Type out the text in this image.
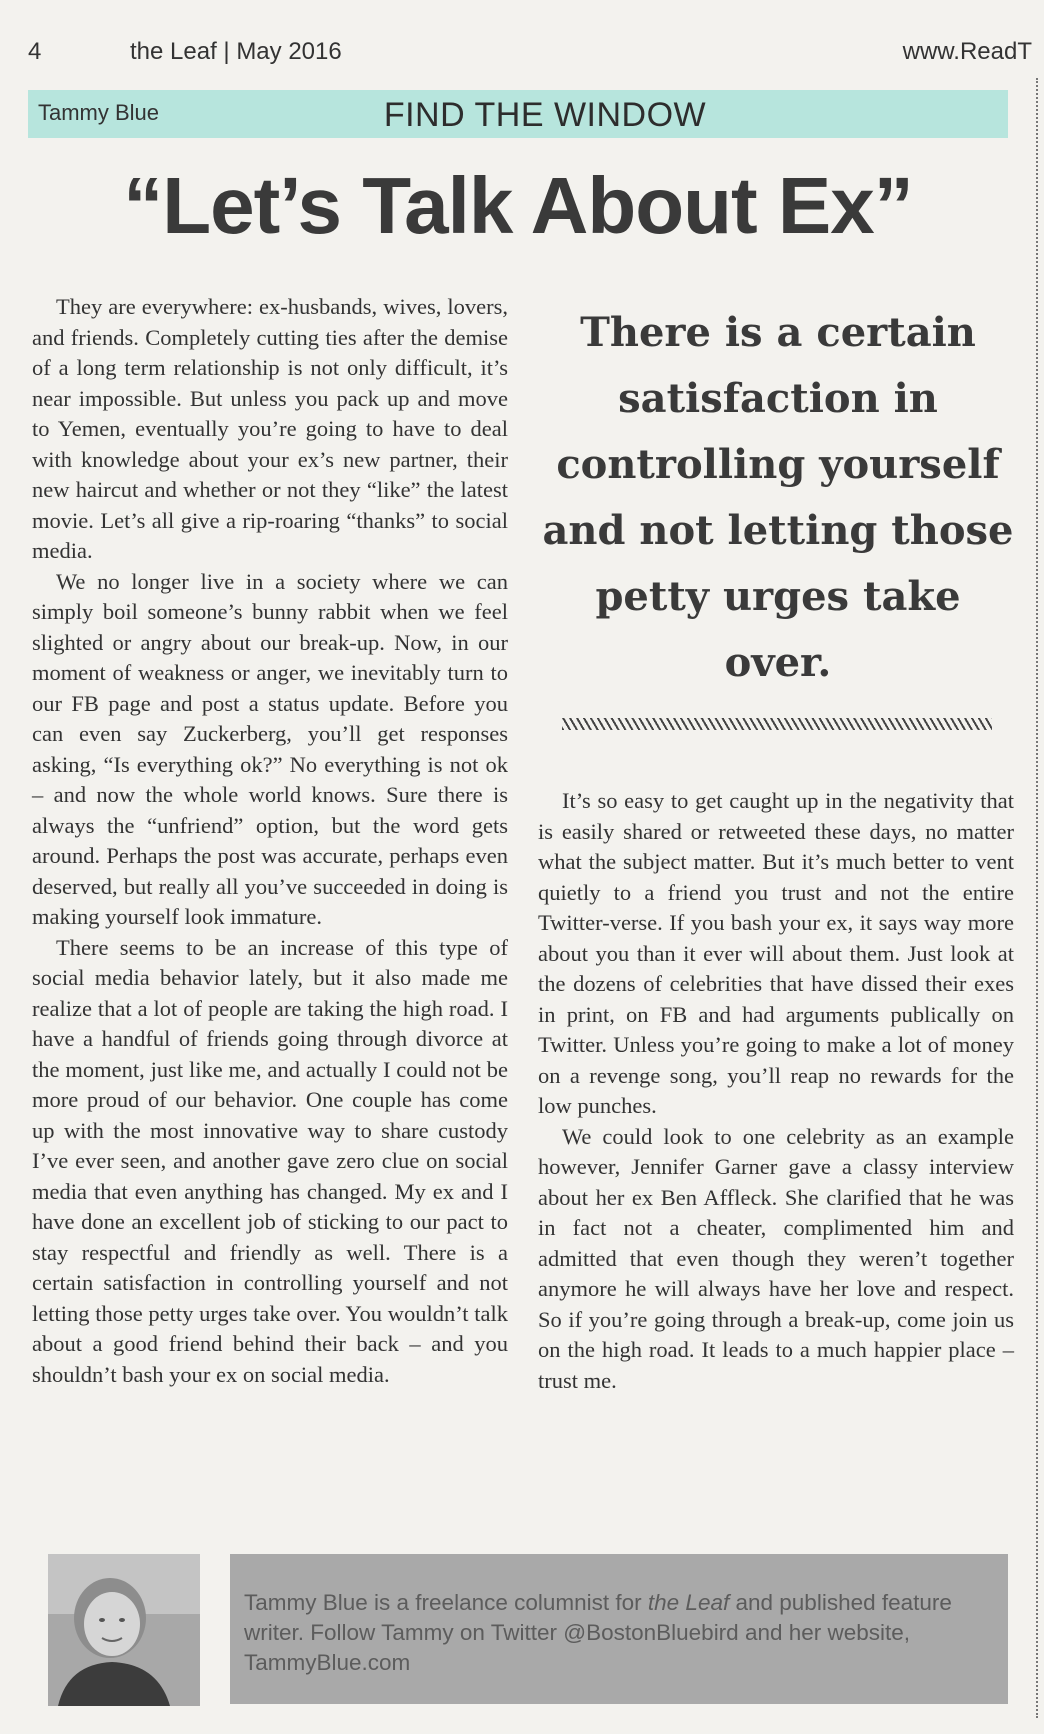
4	the Leaf | May 2016	www.ReadT
Tammy Blue	FIND THE WINDOW
“Let’s Talk About Ex”

They are everywhere: ex-husbands, wives, lovers, and friends. Completely cutting ties after the demise of a long term relationship is not only difficult, it’s near impossible. But unless you pack up and move to Yemen, eventually you’re going to have to deal with knowledge about your ex’s new partner, their new haircut and whether or not they “like” the latest movie. Let’s all give a rip-roaring “thanks” to social media.

We no longer live in a society where we can simply boil someone’s bunny rabbit when we feel slighted or angry about our break-up. Now, in our moment of weakness or anger, we inevitably turn to our FB page and post a status update. Before you can even say Zuckerberg, you’ll get responses asking, “Is everything ok?” No everything is not ok – and now the whole world knows. Sure there is always the “unfriend” option, but the word gets around. Perhaps the post was accurate, perhaps even deserved, but really all you’ve succeeded in doing is making yourself look immature.

There seems to be an increase of this type of social media behavior lately, but it also made me realize that a lot of people are taking the high road. I have a handful of friends going through divorce at the moment, just like me, and actually I could not be more proud of our behavior. One couple has come up with the most innovative way to share custody I’ve ever seen, and another gave zero clue on social media that even anything has changed. My ex and I have done an excellent job of sticking to our pact to stay respectful and friendly as well. There is a certain satisfaction in controlling yourself and not letting those petty urges take over. You wouldn’t talk about a good friend behind their back – and you shouldn’t bash your ex on social media.

There is a certain satisfaction in controlling yourself and not letting those petty urges take over.

It’s so easy to get caught up in the negativity that is easily shared or retweeted these days, no matter what the subject matter. But it’s much better to vent quietly to a friend you trust and not the entire Twitter-verse. If you bash your ex, it says way more about you than it ever will about them. Just look at the dozens of celebrities that have dissed their exes in print, on FB and had arguments publically on Twitter. Unless you’re going to make a lot of money on a revenge song, you’ll reap no rewards for the low punches.

We could look to one celebrity as an example however, Jennifer Garner gave a classy interview about her ex Ben Affleck. She clarified that he was in fact not a cheater, complimented him and admitted that even though they weren’t together anymore he will always have her love and respect. So if you’re going through a break-up, come join us on the high road. It leads to a much happier place – trust me.

Tammy Blue is a freelance columnist for the Leaf and published feature writer. Follow Tammy on Twitter @BostonBluebird and her website, TammyBlue.com
